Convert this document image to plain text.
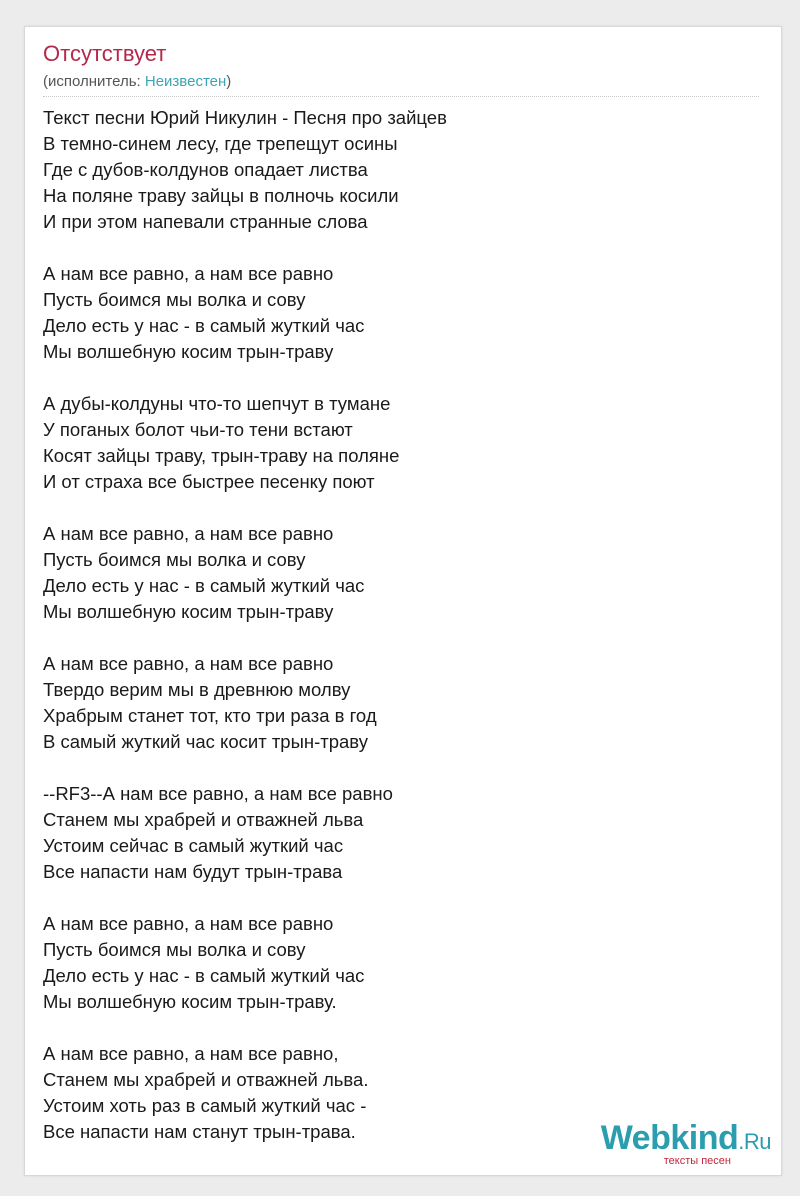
Отсутствует
(исполнитель: Неизвестен)
Текст песни Юрий Никулин - Песня про зайцев
В темно-синем лесу, где трепещут осины
Где с дубов-колдунов опадает листва
На поляне траву зайцы в полночь косили
И при этом напевали странные слова
А нам все равно, а нам все равно
Пусть боимся мы волка и сову
Дело есть у нас - в самый жуткий час
Мы волшебную косим трын-траву
А дубы-колдуны что-то шепчут в тумане
У поганых болот чьи-то тени встают
Косят зайцы траву, трын-траву на поляне
И от страха все быстрее песенку поют
А нам все равно, а нам все равно
Пусть боимся мы волка и сову
Дело есть у нас - в самый жуткий час
Мы волшебную косим трын-траву
А нам все равно, а нам все равно
Твердо верим мы в древнюю молву
Храбрым станет тот, кто три раза в год
В самый жуткий час косит трын-траву
--RF3--А нам все равно, а нам все равно
Станем мы храбрей и отважней льва
Устоим сейчас в самый жуткий час
Все напасти нам будут трын-трава
А нам все равно, а нам все равно
Пусть боимся мы волка и сову
Дело есть у нас - в самый жуткий час
Мы волшебную косим трын-траву.
А нам все равно, а нам все равно,
Станем мы храбрей и отважней льва.
Устоим хоть раз в самый жуткий час -
Все напасти нам станут трын-трава.	Webkind.Ru
тексты песен
